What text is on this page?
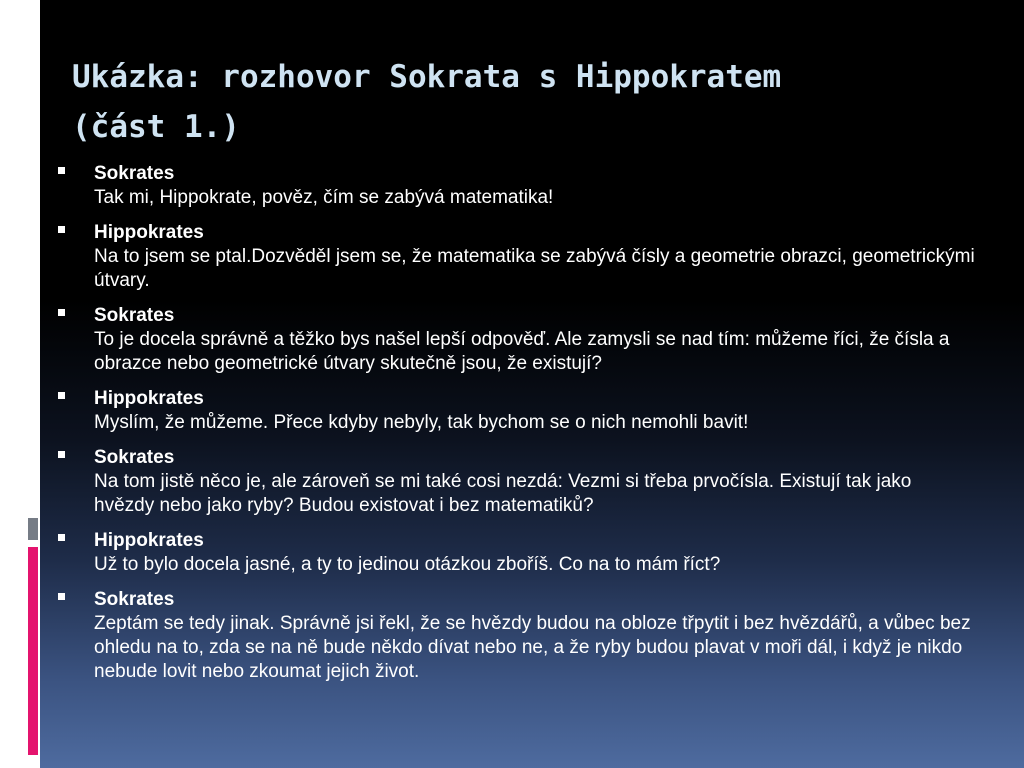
Ukázka: rozhovor Sokrata s Hippokratem
(část 1.)
Sokrates
Tak mi, Hippokrate, pověz, čím se zabývá matematika!
Hippokrates
Na to jsem se ptal.Dozvěděl jsem se, že matematika se zabývá čísly a geometrie obrazci, geometrickými útvary.
Sokrates
To je docela správně a těžko bys našel lepší odpověď. Ale zamysli se nad tím: můžeme říci, že čísla a obrazce nebo geometrické útvary skutečně jsou, že existují?
Hippokrates
Myslím, že můžeme. Přece kdyby nebyly, tak bychom se o nich nemohli bavit!
Sokrates
Na tom jistě něco je, ale zároveň se mi také cosi nezdá: Vezmi si třeba prvočísla. Existují tak jako hvězdy nebo jako ryby? Budou existovat i bez matematiků?
Hippokrates
Už to bylo docela jasné, a ty to jedinou otázkou zboříš. Co na to mám říct?
Sokrates
Zeptám se tedy jinak. Správně jsi řekl, že se hvězdy budou na obloze třpytit i bez hvězdářů, a vůbec bez ohledu na to, zda se na ně bude někdo dívat nebo ne, a že ryby budou plavat v moři dál, i když je nikdo nebude lovit nebo zkoumat jejich život.
